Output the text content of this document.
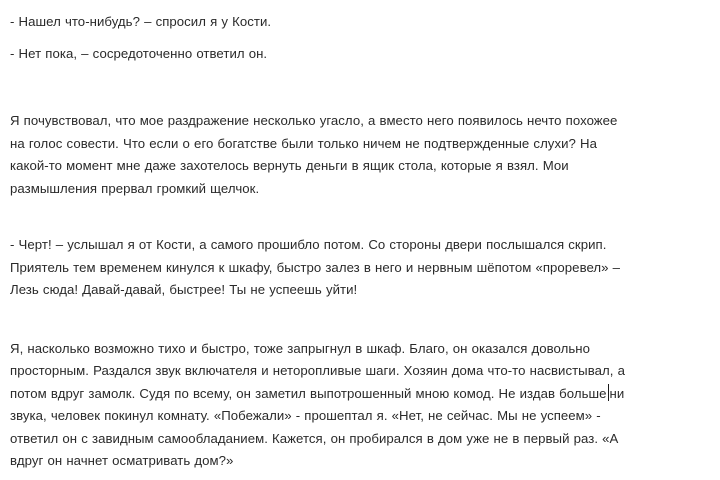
- Нашел что-нибудь? – спросил я у Кости.

- Нет пока, – сосредоточенно ответил он.

Я почувствовал, что мое раздражение несколько угасло, а вместо него появилось нечто похожее
на голос совести. Что если о его богатстве были только ничем не подтвержденные слухи? На
какой-то момент мне даже захотелось вернуть деньги в ящик стола, которые я взял. Мои
размышления прервал громкий щелчок.

- Черт! – услышал я от Кости, а самого прошибло потом. Со стороны двери послышался скрип.
Приятель тем временем кинулся к шкафу, быстро залез в него и нервным шёпотом «проревел» –
Лезь сюда! Давай-давай, быстрее! Ты не успеешь уйти!

Я, насколько возможно тихо и быстро, тоже запрыгнул в шкаф. Благо, он оказался довольно
просторным. Раздался звук включателя и неторопливые шаги. Хозяин дома что-то насвистывал, а
потом вдруг замолк. Судя по всему, он заметил выпотрошенный мною комод. Не издав больше ни
звука, человек покинул комнату. «Побежали» - прошептал я. «Нет, не сейчас. Мы не успеем» -
ответил он с завидным самообладанием. Кажется, он пробирался в дом уже не в первый раз. «А
вдруг он начнет осматривать дом?»
